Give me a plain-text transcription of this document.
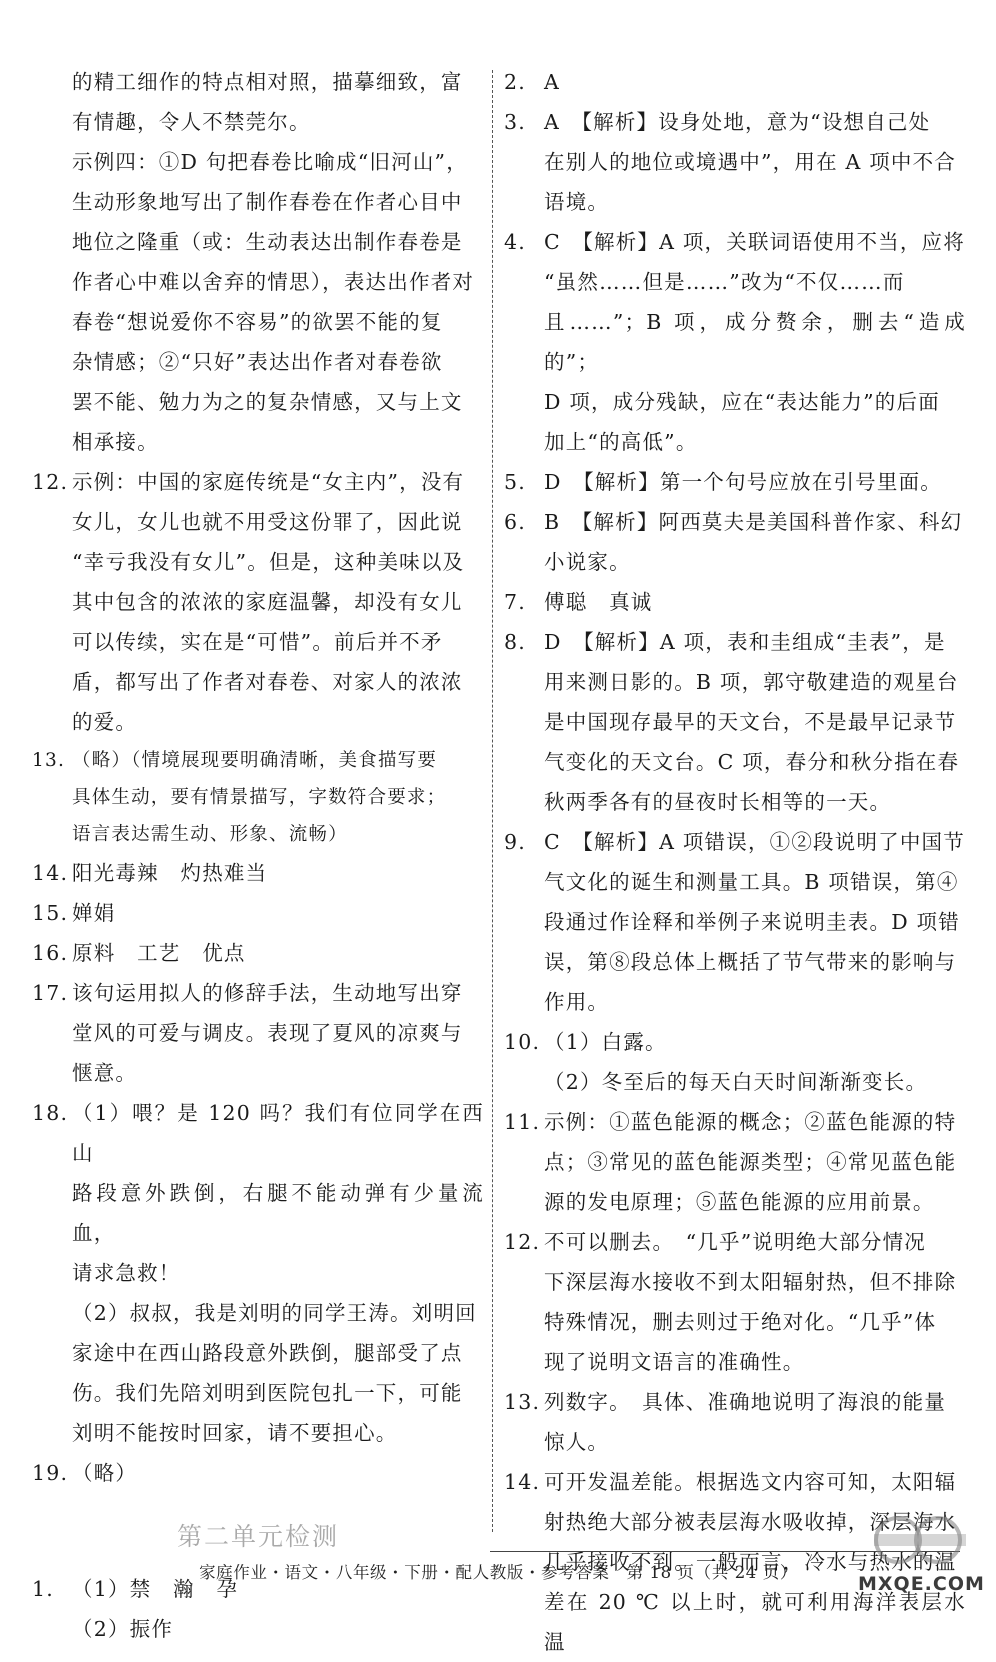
的精工细作的特点相对照，描摹细致，富
有情趣，令人不禁莞尔。
示例四：①D 句把春卷比喻成“旧河山”，
生动形象地写出了制作春卷在作者心目中
地位之隆重（或：生动表达出制作春卷是
作者心中难以舍弃的情思），表达出作者对
春卷“想说爱你不容易”的欲罢不能的复
杂情感；②“只好”表达出作者对春卷欲
罢不能、勉力为之的复杂情感，又与上文
相承接。
12. 示例：中国的家庭传统是“女主内”，没有
女儿，女儿也就不用受这份罪了，因此说
“幸亏我没有女儿”。但是，这种美味以及
其中包含的浓浓的家庭温馨，却没有女儿
可以传续，实在是“可惜”。前后并不矛
盾，都写出了作者对春卷、对家人的浓浓
的爱。
13. （略）（情境展现要明确清晰，美食描写要
具体生动，要有情景描写，字数符合要求；
语言表达需生动、形象、流畅）
14. 阳光毒辣　灼热难当
15. 婵娟
16. 原料　工艺　优点
17. 该句运用拟人的修辞手法，生动地写出穿
堂风的可爱与调皮。表现了夏风的凉爽与
惬意。
18. （1）喂？是 120 吗？我们有位同学在西山
路段意外跌倒，右腿不能动弹有少量流血，
请求急救！
（2）叔叔，我是刘明的同学王涛。刘明回
家途中在西山路段意外跌倒，腿部受了点
伤。我们先陪刘明到医院包扎一下，可能
刘明不能按时回家，请不要担心。
19. （略）
第二单元检测
1. （1）禁　瀚　孕
（2）振作
2. A
3. A　【解析】设身处地，意为“设想自己处
在别人的地位或境遇中”，用在 A 项中不合
语境。
4. C　【解析】A 项，关联词语使用不当，应将
“虽然……但是……”改为“不仅……而
且……”；B 项，成分赘余，删去“造成的”；
D 项，成分残缺，应在“表达能力”的后面
加上“的高低”。
5. D　【解析】第一个句号应放在引号里面。
6. B　【解析】阿西莫夫是美国科普作家、科幻
小说家。
7. 傅聪　真诚
8. D　【解析】A 项，表和圭组成“圭表”，是
用来测日影的。B 项，郭守敬建造的观星台
是中国现存最早的天文台，不是最早记录节
气变化的天文台。C 项，春分和秋分指在春
秋两季各有的昼夜时长相等的一天。
9. C　【解析】A 项错误，①②段说明了中国节
气文化的诞生和测量工具。B 项错误，第④
段通过作诠释和举例子来说明圭表。D 项错
误，第⑧段总体上概括了节气带来的影响与
作用。
10. （1）白露。
（2）冬至后的每天白天时间渐渐变长。
11. 示例：①蓝色能源的概念；②蓝色能源的特
点；③常见的蓝色能源类型；④常见蓝色能
源的发电原理；⑤蓝色能源的应用前景。
12. 不可以删去。　“几乎”说明绝大部分情况
下深层海水接收不到太阳辐射热，但不排除
特殊情况，删去则过于绝对化。“几乎”体
现了说明文语言的准确性。
13. 列数字。　具体、准确地说明了海浪的能量
惊人。
14. 可开发温差能。根据选文内容可知，太阳辐
射热绝大部分被表层海水吸收掉，深层海水
几乎接收不到。一般而言，冷水与热水的温
差在 20 ℃ 以上时，就可利用海洋表层水温
家庭作业・语文・八年级・下册・配人教版・参考答案　第 18 页（共 24 页）
MXQE.COM
